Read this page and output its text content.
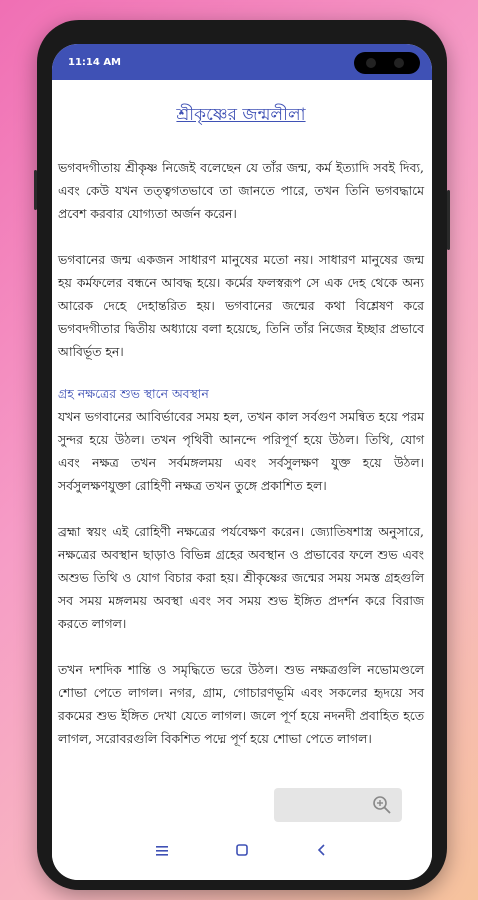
11:14 AM
শ্রীকৃষ্ণের জন্মলীলা

ভগবদগীতায় শ্রীকৃষ্ণ নিজেই বলেছেন যে তাঁর জন্ম, কর্ম ইত্যাদি সবই দিব্য, এবং কেউ যখন তত্ত্বগতভাবে তা জানতে পারে, তখন তিনি ভগবদ্ধামে প্রবেশ করবার যোগ্যতা অর্জন করেন।

ভগবানের জন্ম একজন সাধারণ মানুষের মতো নয়। সাধারণ মানুষের জন্ম হয় কর্মফলের বন্ধনে আবদ্ধ হয়ে। কর্মের ফলস্বরূপ সে এক দেহ থেকে অন্য আরেক দেহে দেহান্তরিত হয়। ভগবানের জন্মের কথা বিশ্লেষণ করে ভগবদগীতার দ্বিতীয় অধ্যায়ে বলা হয়েছে, তিনি তাঁর নিজের ইচ্ছার প্রভাবে আবির্ভূত হন।

গ্রহ নক্ষত্রের শুভ স্থানে অবস্থান

যখন ভগবানের আবির্ভাবের সময় হল, তখন কাল সর্বগুণ সমন্বিত হয়ে পরম সুন্দর হয়ে উঠল। তখন পৃথিবী আনন্দে পরিপূর্ণ হয়ে উঠল। তিথি, যোগ এবং নক্ষত্র তখন সর্বমঙ্গলময় এবং সর্বসুলক্ষণ যুক্ত হয়ে উঠল। সর্বসুলক্ষণযুক্তা রোহিণী নক্ষত্র তখন তুঙ্গে প্রকাশিত হল।

ব্রহ্মা স্বয়ং এই রোহিণী নক্ষত্রের পর্যবেক্ষণ করেন। জ্যোতিষশাস্ত্র অনুসারে, নক্ষত্রের অবস্থান ছাড়াও বিভিন্ন গ্রহের অবস্থান ও প্রভাবের ফলে শুভ এবং অশুভ তিথি ও যোগ বিচার করা হয়। শ্রীকৃষ্ণের জন্মের সময় সমস্ত গ্রহগুলি সব সময় মঙ্গলময় অবস্থা এবং সব সময় শুভ ইঙ্গিত প্রদর্শন করে বিরাজ করতে লাগল।

তখন দশদিক শান্তি ও সমৃদ্ধিতে ভরে উঠল। শুভ নক্ষত্রগুলি নভোমণ্ডলে শোভা পেতে লাগল। নগর, গ্রাম, গোচারণভূমি এবং সকলের হৃদয়ে সব রকমের শুভ ইঙ্গিত দেখা যেতে লাগল। জলে পূর্ণ হয়ে নদনদী প্রবাহিত হতে লাগল, সরোবরগুলি বিকশিত পদ্মে পূর্ণ হয়ে শোভা পেতে লাগল।
